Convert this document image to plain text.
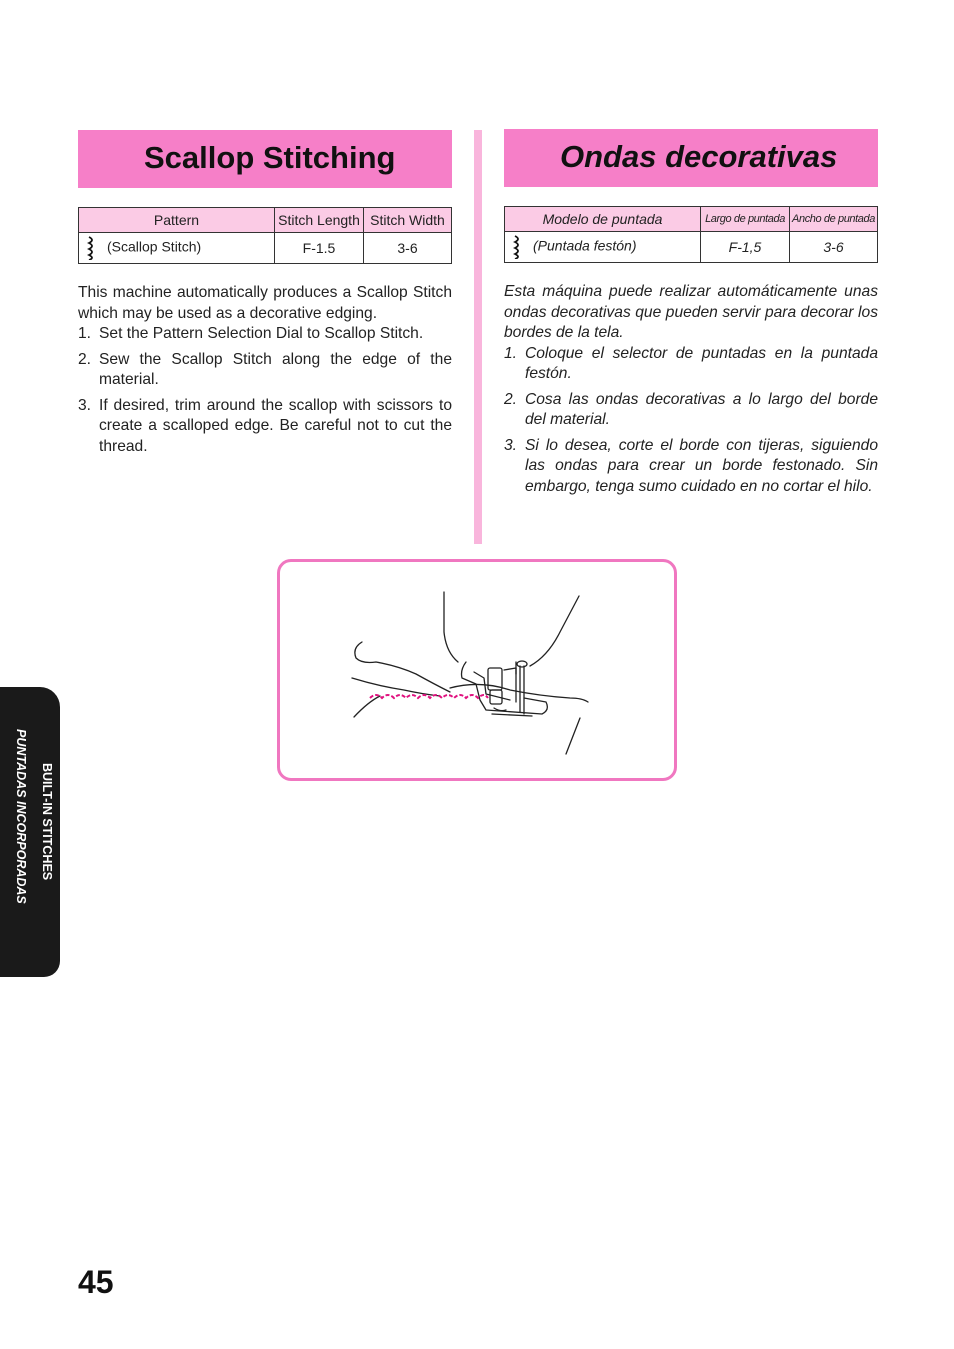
Scallop Stitching	Ondas decorativas
Pattern	Stitch Length	Stitch Width
(Scallop Stitch)	F-1.5	3-6
Modelo de puntada	Largo de puntada	Ancho de puntada
(Puntada festón)	F-1,5	3-6

This machine automatically produces a Scallop Stitch which may be used as a decorative edging.

1. Set the Pattern Selection Dial to Scallop Stitch.
2. Sew the Scallop Stitch along the edge of the material.
3. If desired, trim around the scallop with scissors to create a scalloped edge. Be careful not to cut the thread.

Esta máquina puede realizar automáticamente unas ondas decorativas que pueden servir para decorar los bordes de la tela.

1. Coloque el selector de puntadas en la puntada festón.
2. Cosa las ondas decorativas a lo largo del borde del material.
3. Si lo desea, corte el borde con tijeras, siguiendo las ondas para crear un borde festonado. Sin embargo, tenga sumo cuidado en no cortar el hilo.
BUILT-IN STITCHES
PUNTADAS INCORPORADAS
45
